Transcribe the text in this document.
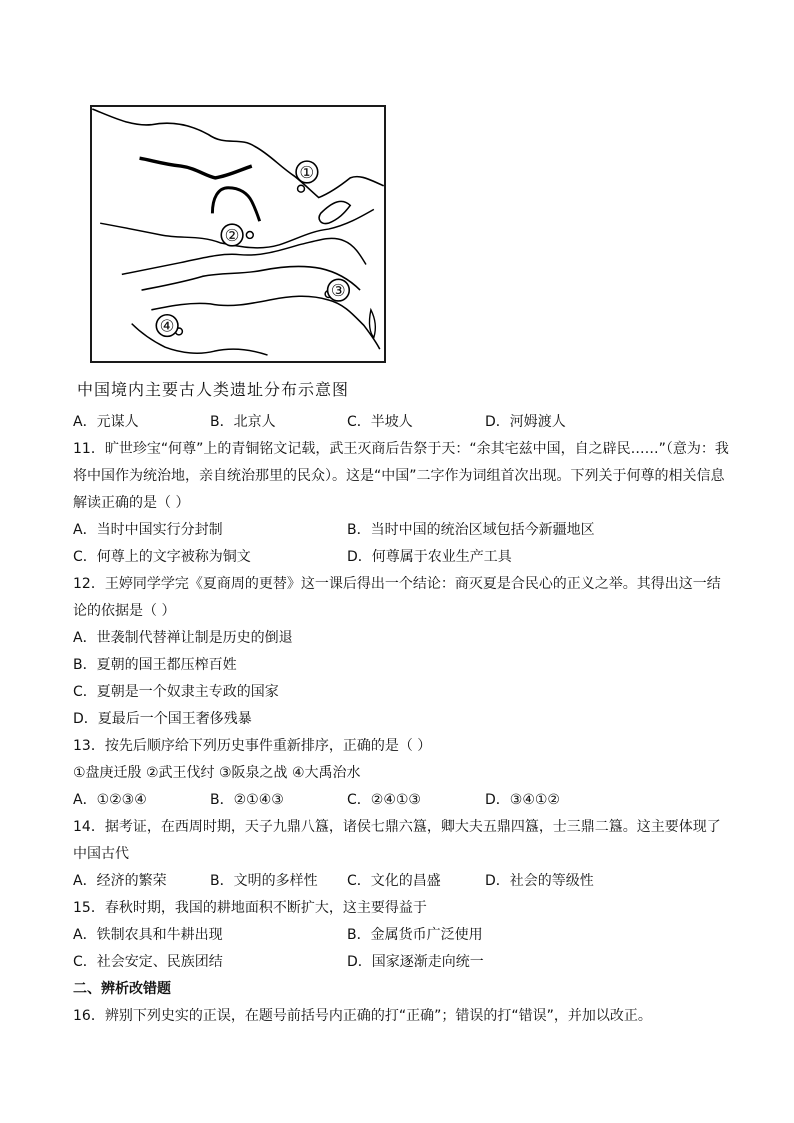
①
②
③
④
中国境内主要古人类遗址分布示意图
A．元谋人	B．北京人	C．半坡人	D．河姆渡人
11．旷世珍宝“何尊”上的青铜铭文记载，武王灭商后告祭于天：“余其宅兹中国，自之辟民……”（意为：我
将中国作为统治地，亲自统治那里的民众）。这是“中国”二字作为词组首次出现。下列关于何尊的相关信息
解读正确的是（ ）
A．当时中国实行分封制	B．当时中国的统治区域包括今新疆地区
C．何尊上的文字被称为铜文	D．何尊属于农业生产工具
12．王婷同学学完《夏商周的更替》这一课后得出一个结论：商灭夏是合民心的正义之举。其得出这一结
论的依据是（ ）
A．世袭制代替禅让制是历史的倒退
B．夏朝的国王都压榨百姓
C．夏朝是一个奴隶主专政的国家
D．夏最后一个国王奢侈残暴
13．按先后顺序给下列历史事件重新排序，正确的是（ ）
①盘庚迁殷 ②武王伐纣 ③阪泉之战 ④大禹治水
A．①②③④	B．②①④③	C．②④①③	D．③④①②
14．据考证，在西周时期，天子九鼎八簋，诸侯七鼎六簋，卿大夫五鼎四簋，士三鼎二簋。这主要体现了
中国古代
A．经济的繁荣	B．文明的多样性 C．文化的昌盛	D．社会的等级性
15．春秋时期，我国的耕地面积不断扩大，这主要得益于
A．铁制农具和牛耕出现	B．金属货币广泛使用
C．社会安定、民族团结	D．国家逐渐走向统一
二、辨析改错题
16．辨别下列史实的正误，在题号前括号内正确的打“正确”；错误的打“错误”，并加以改正。
